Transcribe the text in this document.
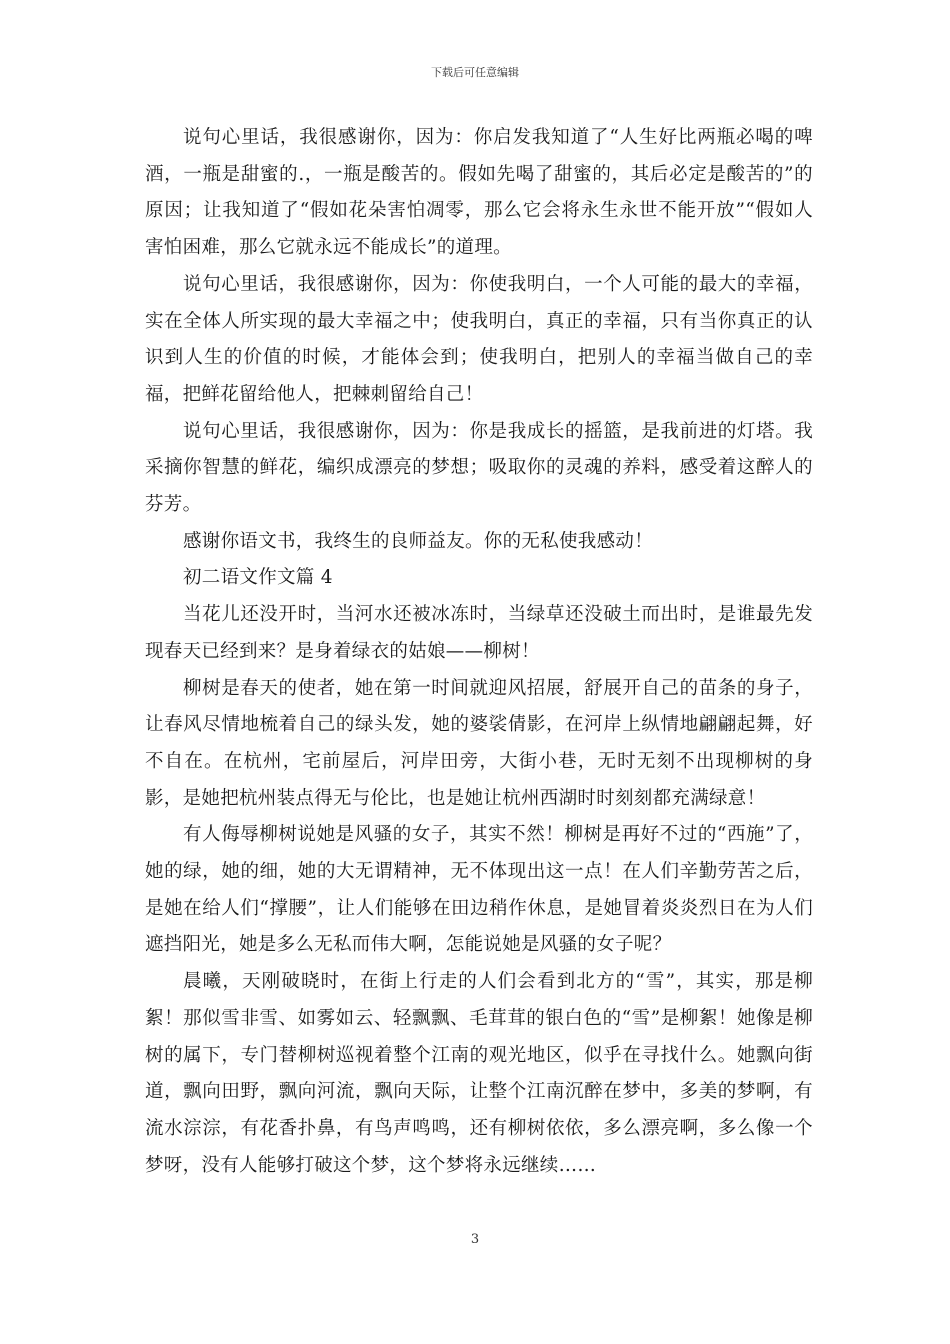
下载后可任意编辑

说句心里话，我很感谢你，因为：你启发我知道了“人生好比两瓶必喝的啤酒，一瓶是甜蜜的.，一瓶是酸苦的。假如先喝了甜蜜的，其后必定是酸苦的”的原因；让我知道了“假如花朵害怕凋零，那么它会将永生永世不能开放”“假如人害怕困难，那么它就永远不能成长”的道理。

说句心里话，我很感谢你，因为：你使我明白，一个人可能的最大的幸福，实在全体人所实现的最大幸福之中；使我明白，真正的幸福，只有当你真正的认识到人生的价值的时候，才能体会到；使我明白，把别人的幸福当做自己的幸福，把鲜花留给他人，把棘刺留给自己！

说句心里话，我很感谢你，因为：你是我成长的摇篮，是我前进的灯塔。我采摘你智慧的鲜花，编织成漂亮的梦想；吸取你的灵魂的养料，感受着这醉人的芬芳。

感谢你语文书，我终生的良师益友。你的无私使我感动！

初二语文作文篇 4

当花儿还没开时，当河水还被冰冻时，当绿草还没破土而出时，是谁最先发现春天已经到来？是身着绿衣的姑娘——柳树！

柳树是春天的使者，她在第一时间就迎风招展，舒展开自己的苗条的身子，让春风尽情地梳着自己的绿头发，她的婆裟倩影，在河岸上纵情地翩翩起舞，好不自在。在杭州，宅前屋后，河岸田旁，大街小巷，无时无刻不出现柳树的身影，是她把杭州装点得无与伦比，也是她让杭州西湖时时刻刻都充满绿意！

有人侮辱柳树说她是风骚的女子，其实不然！柳树是再好不过的“西施”了，她的绿，她的细，她的大无谓精神，无不体现出这一点！在人们辛勤劳苦之后，是她在给人们“撑腰”，让人们能够在田边稍作休息，是她冒着炎炎烈日在为人们遮挡阳光，她是多么无私而伟大啊，怎能说她是风骚的女子呢？

晨曦，天刚破晓时，在街上行走的人们会看到北方的“雪”，其实，那是柳絮！那似雪非雪、如雾如云、轻飘飘、毛茸茸的银白色的“雪”是柳絮！她像是柳树的属下，专门替柳树巡视着整个江南的观光地区，似乎在寻找什么。她飘向街道，飘向田野，飘向河流，飘向天际，让整个江南沉醉在梦中，多美的梦啊，有流水淙淙，有花香扑鼻，有鸟声鸣鸣，还有柳树依依，多么漂亮啊，多么像一个梦呀，没有人能够打破这个梦，这个梦将永远继续……

3
